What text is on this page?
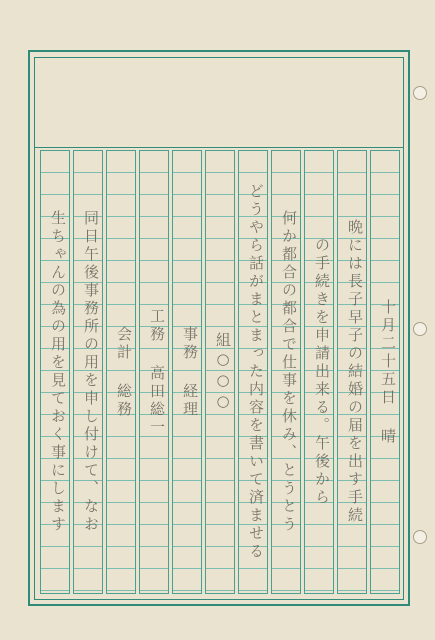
十月二十五日 晴
晩には長子早子の結婚の届を出す手続
の手続きを申請出来る。午後から
何か都合の都合で仕事を休み、とうとう
どうやら話がまとまった内容を書いて済ませる
組○○○
事務 経理
工務 高田総一
会計 総務
同日午後事務所の用を申し付けて、なお
生ちゃんの為の用を見ておく事にします
